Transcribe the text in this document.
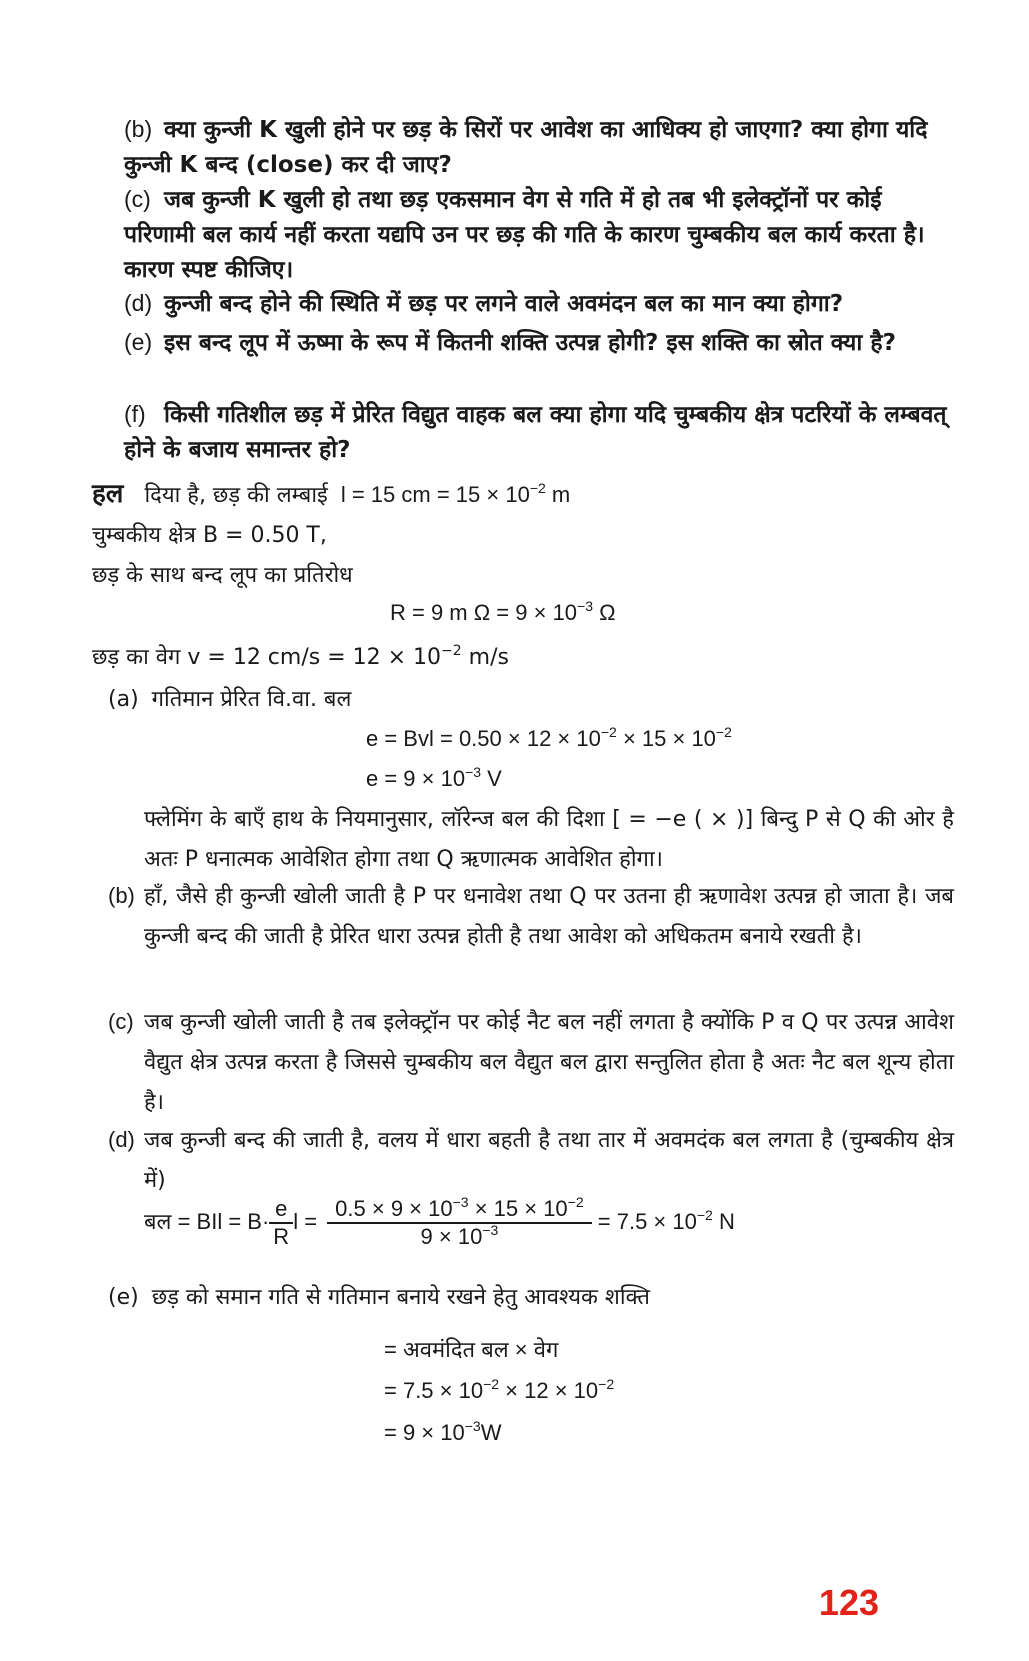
(b) क्या कुन्जी K खुली होने पर छड़ के सिरों पर आवेश का आधिक्य हो जाएगा? क्या होगा यदि कुन्जी K बन्द (close) कर दी जाए?
(c) जब कुन्जी K खुली हो तथा छड़ एकसमान वेग से गति में हो तब भी इलेक्ट्रॉनों पर कोई परिणामी बल कार्य नहीं करता यद्यपि उन पर छड़ की गति के कारण चुम्बकीय बल कार्य करता है। कारण स्पष्ट कीजिए।
(d) कुन्जी बन्द होने की स्थिति में छड़ पर लगने वाले अवमंदन बल का मान क्या होगा?
(e) इस बन्द लूप में ऊष्मा के रूप में कितनी शक्ति उत्पन्न होगी? इस शक्ति का स्रोत क्या है?
(f) किसी गतिशील छड़ में प्रेरित विद्युत वाहक बल क्या होगा यदि चुम्बकीय क्षेत्र पटरियों के लम्बवत् होने के बजाय समान्तर हो?
हल दिया है, छड़ की लम्बाई l = 15 cm = $15 \times 10^{-2}$ m
चुम्बकीय क्षेत्र B = 0.50 T,
छड़ के साथ बन्द लूप का प्रतिरोध
R = 9 m $\Omega = 9 \times 10^{-3}$ Ω
छड़ का वेग v = 12 $cm/s = 12 \times 10^{-2}$ m/s
(a) गतिमान प्रेरित वि.वा. बल
e = Bvl = $0.50 \times 12 \times 10^{-2} \times 15 \times 10^{-2}$
$e = 9 \times 10^{-3}$ V
फ्लेमिंग के बाएँ हाथ के नियमानुसार, लॉरेन्ज बल की दिशा [ = −e ( × )] बिन्दु P से Q की ओर है अतः P धनात्मक आवेशित होगा तथा Q ऋणात्मक आवेशित होगा।
(b) हाँ, जैसे ही कुन्जी खोली जाती है P पर धनावेश तथा Q पर उतना ही ऋणावेश उत्पन्न हो जाता है। जब कुन्जी बन्द की जाती है प्रेरित धारा उत्पन्न होती है तथा आवेश को अधिकतम बनाये रखती है।
(c) जब कुन्जी खोली जाती है तब इलेक्ट्रॉन पर कोई नैट बल नहीं लगता है क्योंकि P व Q पर उत्पन्न आवेश वैद्युत क्षेत्र उत्पन्न करता है जिससे चुम्बकीय बल वैद्युत बल द्वारा सन्तुलित होता है अतः नैट बल शून्य होता है।
(d) जब कुन्जी बन्द की जाती है, वलय में धारा बहती है तथा तार में अवमदंक बल लगता है (चुम्बकीय क्षेत्र में)
बल = BIl = $B\cdot \frac{e}{R}$ $l = \frac{0.5 \times 9 \times 10^{-3} \times 15 \times 10^{-2}}{9 \times 10^{-3}} = 7.5 \times 10^{-2}$ N
(e) छड़ को समान गति से गतिमान बनाये रखने हेतु आवश्यक शक्ति
= अवमंदित बल × वेग
= $7.5 \times 10^{-2} \times 12 \times 10^{-2}$
= $9 \times 10^{-3}W$
123
